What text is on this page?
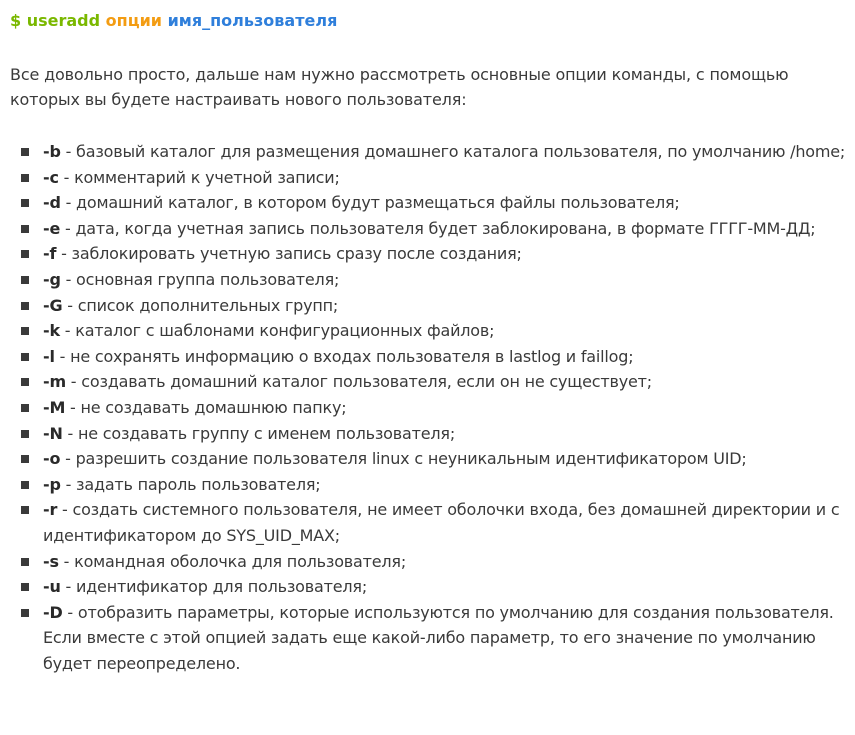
$ useradd опции имя_пользователя

Все довольно просто, дальше нам нужно рассмотреть основные опции команды, с помощью которых вы будете настраивать нового пользователя:

-b - базовый каталог для размещения домашнего каталога пользователя, по умолчанию /home;
-c - комментарий к учетной записи;
-d - домашний каталог, в котором будут размещаться файлы пользователя;
-e - дата, когда учетная запись пользователя будет заблокирована, в формате ГГГГ-ММ-ДД;
-f - заблокировать учетную запись сразу после создания;
-g - основная группа пользователя;
-G - список дополнительных групп;
-k - каталог с шаблонами конфигурационных файлов;
-l - не сохранять информацию о входах пользователя в lastlog и faillog;
-m - создавать домашний каталог пользователя, если он не существует;
-M - не создавать домашнюю папку;
-N - не создавать группу с именем пользователя;
-o - разрешить создание пользователя linux с неуникальным идентификатором UID;
-p - задать пароль пользователя;
-r - создать системного пользователя, не имеет оболочки входа, без домашней директории и с идентификатором до SYS_UID_MAX;
-s - командная оболочка для пользователя;
-u - идентификатор для пользователя;
-D - отобразить параметры, которые используются по умолчанию для создания пользователя. Если вместе с этой опцией задать еще какой-либо параметр, то его значение по умолчанию будет переопределено.
